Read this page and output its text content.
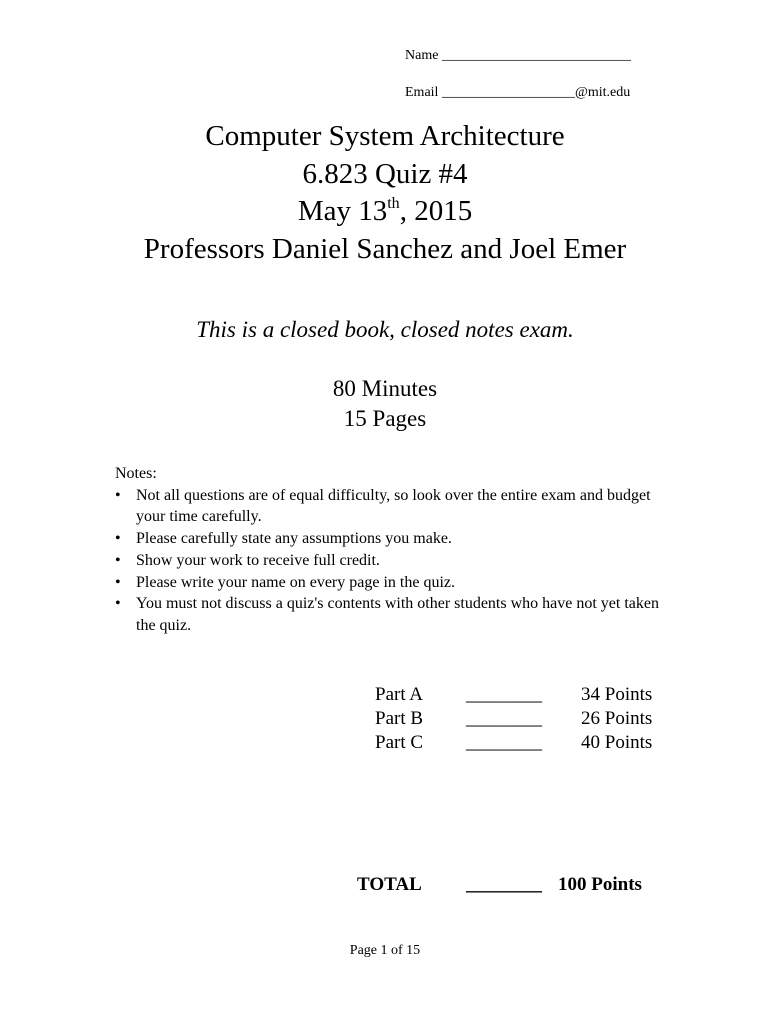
Name ___________________________
Email ___________________@mit.edu
Computer System Architecture
6.823 Quiz #4
May 13th, 2015
Professors Daniel Sanchez and Joel Emer
This is a closed book, closed notes exam.
80 Minutes
15 Pages
Notes:
• Not all questions are of equal difficulty, so look over the entire exam and budget your time carefully.
• Please carefully state any assumptions you make.
• Show your work to receive full credit.
• Please write your name on every page in the quiz.
• You must not discuss a quiz's contents with other students who have not yet taken the quiz.
Part A ________ 34 Points
Part B ________ 26 Points
Part C ________ 40 Points
TOTAL ________ 100 Points
Page 1 of 15
